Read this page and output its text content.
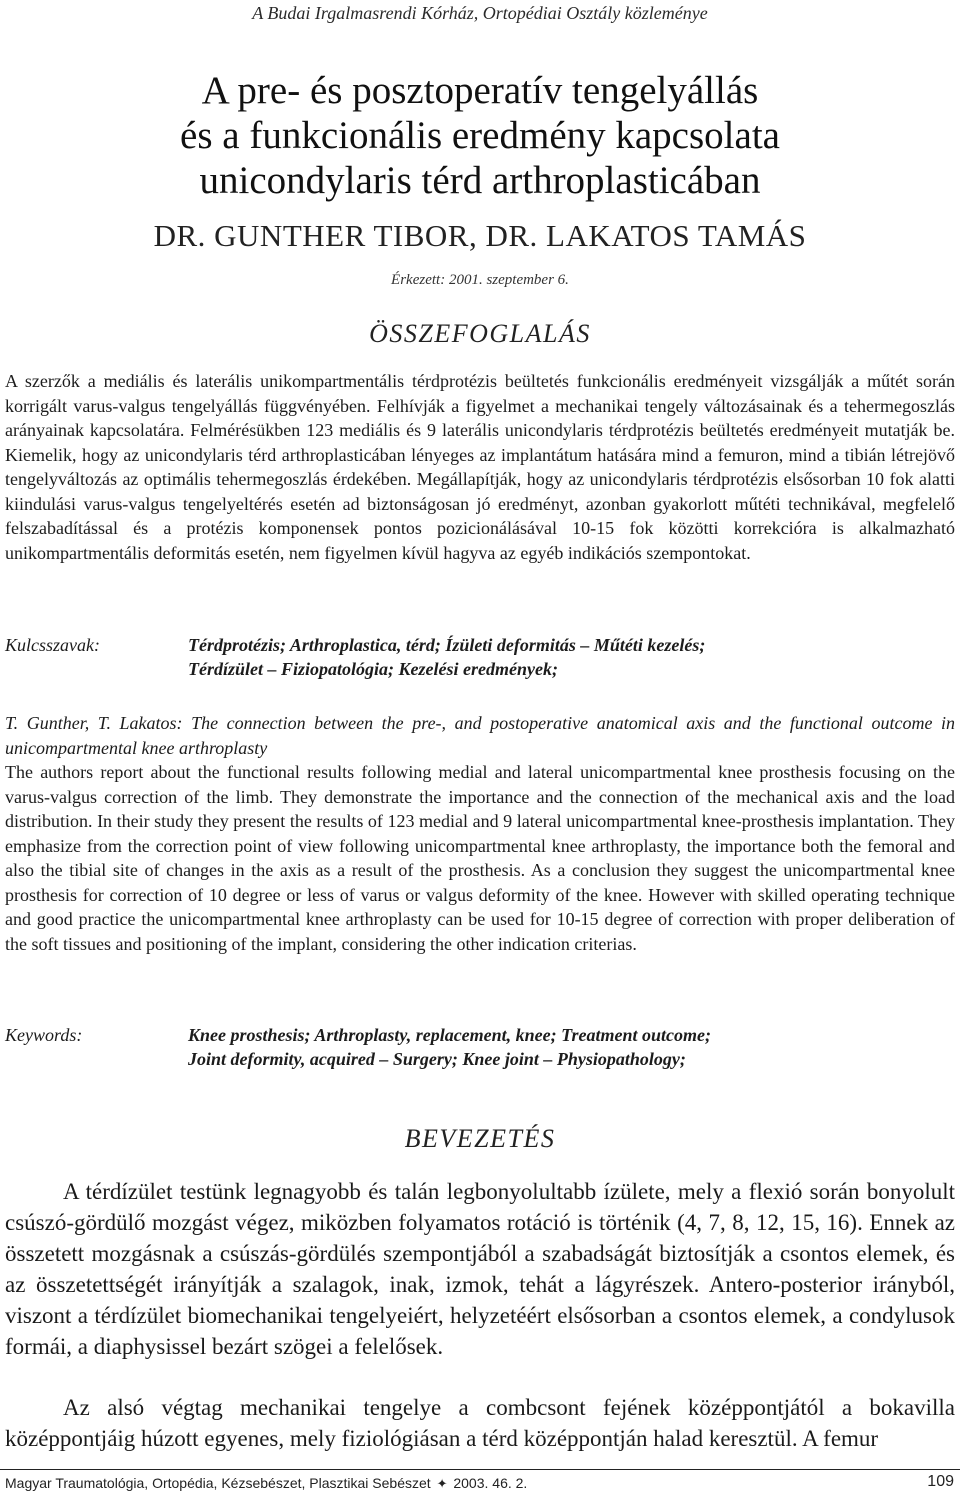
A Budai Irgalmasrendi Kórház, Ortopédiai Osztály közleménye
A pre- és posztoperatív tengelyállás
és a funkcionális eredmény kapcsolata
unicondylaris térd arthroplasticában
DR. GUNTHER TIBOR, DR. LAKATOS TAMÁS
Érkezett: 2001. szeptember 6.
ÖSSZEFOGLALÁS
A szerzők a mediális és laterális unikompartmentális térdprotézis beültetés funkcionális eredményeit vizsgálják a műtét során korrigált varus-valgus tengelyállás függvényében. Felhívják a figyelmet a mechanikai tengely változásainak és a tehermegoszlás arányainak kapcsolatára. Felmérésükben 123 mediális és 9 laterális unicondylaris térdprotézis beültetés eredményeit mutatják be. Kiemelik, hogy az unicondylaris térd arthroplasticában lényeges az implantátum hatására mind a femuron, mind a tibián létrejövő tengelyváltozás az optimális tehermegoszlás érdekében. Megállapítják, hogy az unicondylaris térdprotézis elsősorban 10 fok alatti kiindulási varus-valgus tengelyeltérés esetén ad biztonságosan jó eredményt, azonban gyakorlott műtéti technikával, megfelelő felszabadítással és a protézis komponensek pontos pozicionálásával 10-15 fok közötti korrekcióra is alkalmazható unikompartmentális deformitás esetén, nem figyelmen kívül hagyva az egyéb indikációs szempontokat.
Kulcsszavak:	Térdprotézis; Arthroplastica, térd; Ízületi deformitás – Műtéti kezelés;
Térdízület – Fiziopatológia; Kezelési eredmények;
T. Gunther, T. Lakatos: The connection between the pre-, and postoperative anatomical axis and the functional outcome in unicompartmental knee arthroplasty
The authors report about the functional results following medial and lateral unicompartmental knee prosthesis focusing on the varus-valgus correction of the limb. They demonstrate the importance and the connection of the mechanical axis and the load distribution. In their study they present the results of 123 medial and 9 lateral unicompartmental knee-prosthesis implantation. They emphasize from the correction point of view following unicompartmental knee arthroplasty, the importance both the femoral and also the tibial site of changes in the axis as a result of the prosthesis. As a conclusion they suggest the unicompartmental knee prosthesis for correction of 10 degree or less of varus or valgus deformity of the knee. However with skilled operating technique and good practice the unicompartmental knee arthroplasty can be used for 10-15 degree of correction with proper deliberation of the soft tissues and positioning of the implant, considering the other indication criterias.
Keywords:	Knee prosthesis; Arthroplasty, replacement, knee; Treatment outcome;
Joint deformity, acquired – Surgery; Knee joint – Physiopathology;
BEVEZETÉS
A térdízület testünk legnagyobb és talán legbonyolultabb ízülete, mely a flexió során bonyolult csúszó-gördülő mozgást végez, miközben folyamatos rotáció is történik (4, 7, 8, 12, 15, 16). Ennek az összetett mozgásnak a csúszás-gördülés szempontjából a szabadságát biztosítják a csontos elemek, és az összetettségét irányítják a szalagok, inak, izmok, tehát a lágyrészek. Antero-posterior irányból, viszont a térdízület biomechanikai tengelyeiért, helyzetéért elsősorban a csontos elemek, a condylusok formái, a diaphysissel bezárt szögei a felelősek.
Az alsó végtag mechanikai tengelye a combcsont fejének középpontjától a bokavilla középpontjáig húzott egyenes, mely fiziológiásan a térd középpontján halad keresztül. A femur
Magyar Traumatológia, Ortopédia, Kézsebészet, Plasztikai Sebészet ✦ 2003. 46. 2.	109
